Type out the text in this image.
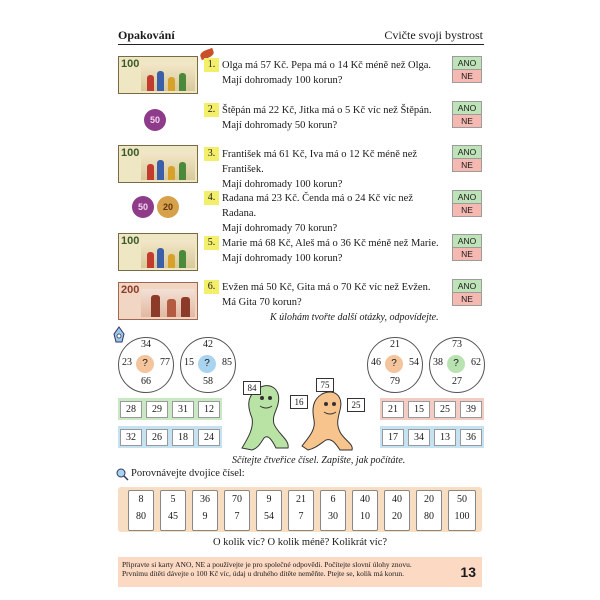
Opakování	Cvičte svoji bystrost
100
50
100
50	20
100
200
1. Olga má 57 Kč. Pepa má o 14 Kč méně než Olga.
Mají dohromady 100 korun?
2. Štěpán má 22 Kč, Jitka má o 5 Kč víc než Štěpán.
Mají dohromady 50 korun?
3. František má 61 Kč, Iva má o 12 Kč méně než František.
Mají dohromady 100 korun?
4. Radana má 23 Kč. Čenda má o 24 Kč víc než Radana.
Mají dohromady 70 korun?
5. Marie má 68 Kč, Aleš má o 36 Kč méně než Marie.
Mají dohromady 100 korun?
6. Evžen má 50 Kč, Gita má o 70 Kč víc než Evžen.
Má Gita 70 korun?
ANO
NE
ANO
NE
ANO
NE
ANO
NE
ANO
NE
ANO
NE
K úlohám tvořte další otázky, odpovídejte.
34
23	77
66
?
42
15	85
58
?
21
46	54
79
?
73
38	62
27
?
28	29	31	12
32	26	18	24
21	15	25	39
17	34	13	36
84
16
75
25
Sčítejte čtveřice čísel. Zapište, jak počítáte.
Porovnávejte dvojice čísel:
8
80
5
45
36
9
70
7
9
54
21
7
6
30
40
10
40
20
20
80
50
100
O kolik víc? O kolik méně? Kolikrát víc?
Připravte si karty ANO, NE a používejte je pro společné odpovědi. Počítejte slovní úlohy znovu.
Prvnímu dítěti dávejte o 100 Kč víc, údaj u druhého dítěte neměňte. Ptejte se, kolik má korun.	13
